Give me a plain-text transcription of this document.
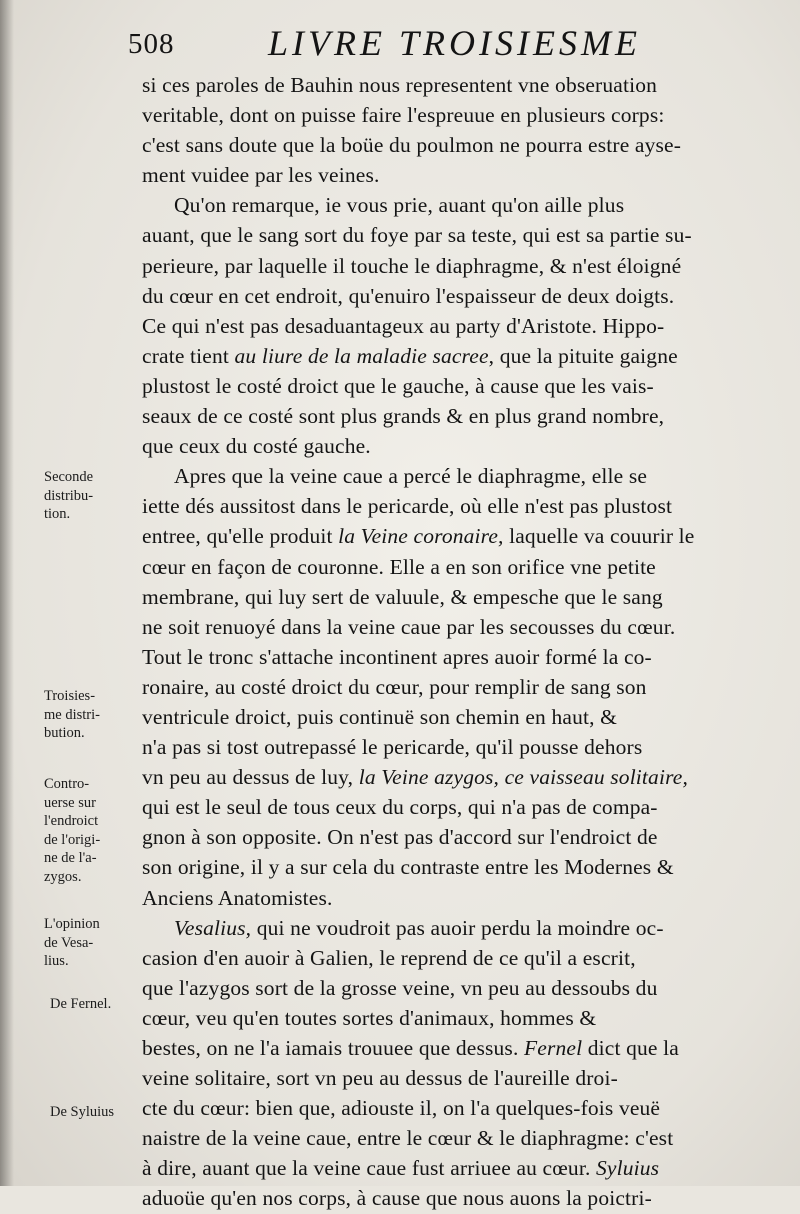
508	LIVRE TROISIESME
si ces paroles de Bauhin nous representent vne obseruation
veritable, dont on puisse faire l'espreuue en plusieurs corps:
c'est sans doute que la boüe du poulmon ne pourra estre ayse-
ment vuidee par les veines.
Qu'on remarque, ie vous prie, auant qu'on aille plus
auant, que le sang sort du foye par sa teste, qui est sa partie su-
perieure, par laquelle il touche le diaphragme, & n'est éloigné
du cœur en cet endroit, qu'enuiro l'espaisseur de deux doigts.
Ce qui n'est pas desaduantageux au party d'Aristote. Hippo-
crate tient au liure de la maladie sacree, que la pituite gaigne
plustost le costé droict que le gauche, à cause que les vais-
seaux de ce costé sont plus grands & en plus grand nombre,
que ceux du costé gauche.
Apres que la veine caue a percé le diaphragme, elle se
iette dés aussitost dans le pericarde, où elle n'est pas plustost
entree, qu'elle produit la Veine coronaire, laquelle va couurir le
cœur en façon de couronne. Elle a en son orifice vne petite
membrane, qui luy sert de valuule, & empesche que le sang
ne soit renuoyé dans la veine caue par les secousses du cœur.
Tout le tronc s'attache incontinent apres auoir formé la co-
ronaire, au costé droict du cœur, pour remplir de sang son
ventricule droict, puis continuë son chemin en haut, &
n'a pas si tost outrepassé le pericarde, qu'il pousse dehors
vn peu au dessus de luy, la Veine azygos, ce vaisseau solitaire,
qui est le seul de tous ceux du corps, qui n'a pas de compa-
gnon à son opposite. On n'est pas d'accord sur l'endroict de
son origine, il y a sur cela du contraste entre les Modernes &
Anciens Anatomistes.
Vesalius, qui ne voudroit pas auoir perdu la moindre oc-
casion d'en auoir à Galien, le reprend de ce qu'il a escrit,
que l'azygos sort de la grosse veine, vn peu au dessoubs du
cœur, veu qu'en toutes sortes d'animaux, hommes &
bestes, on ne l'a iamais trouuee que dessus. Fernel dict que la
veine solitaire, sort vn peu au dessus de l'aureille droi-
cte du cœur: bien que, adiouste il, on l'a quelques-fois veuë
naistre de la veine caue, entre le cœur & le diaphragme: c'est
à dire, auant que la veine caue fust arriuee au cœur. Syluius
aduoüe qu'en nos corps, à cause que nous auons la poictri-
Seconde
distribu-
tion.
Troisies-
me distri-
bution.
Contro-
uerse sur
l'endroict
de l'origi-
ne de l'a-
zygos.
L'opinion
de Vesa-
lius.
De Fernel.
De Syluius
